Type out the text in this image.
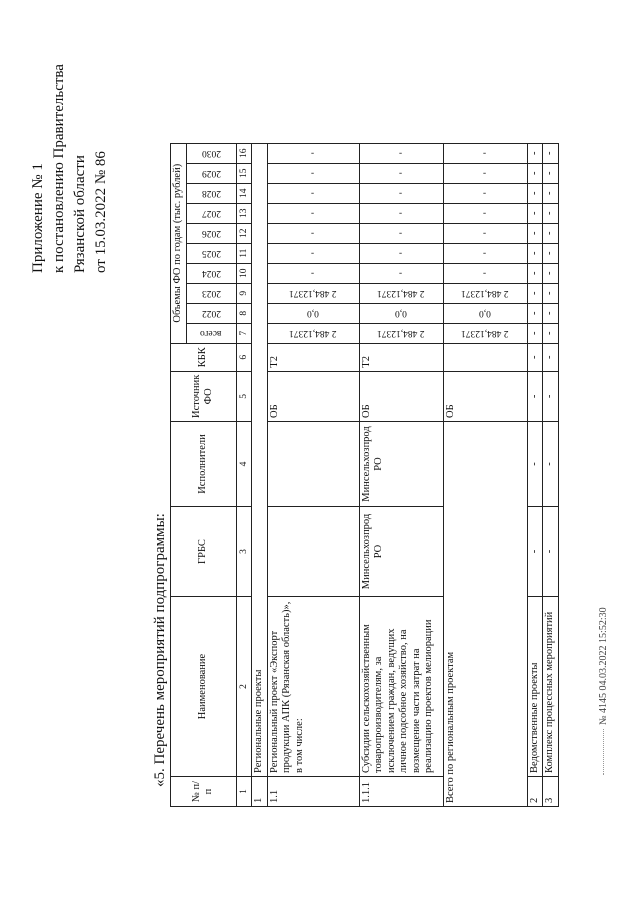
Приложение № 1 к постановлению Правительства Рязанской области от 15.03.2022 № 86
«5. Перечень мероприятий подпрограммы:
№ п/п	Наименование	ГРБС	Исполнители	Источник ФО	КБК	Объемы ФО по годам (тыс. рублей)									

						всего	2022	2023	2024	2025	2026	2027	2028	2029	2030

1	2	3	4	5	6	7	8	9	10	11	12	13	14	15	16
1	Региональные проекты														
1.1	Региональный проект «Экспорт продукции АПК (Рязанская область)», в том числе:			ОБ	Т2	2 484,12371	0,0	2 484,12371	-	-	-	-	-	-	-

1.1.1	Субсидии сельскохозяйственным товаропроизводителям, за исключением граждан, ведущих личное подсобное хозяйство, на возмещение части затрат на реализацию проектов мелиорации	Минсельхозпрод РО	Минсельхозпрод РО	ОБ	Т2	2 484,12371	0,0	2 484,12371	-	-	-	-	-	-	-

Всего по региональным проектам				ОБ		2 484,12371	0,0	2 484,12371	-	-	-	-	-	-	-

2	Ведомственные проекты	-	-	-	-	-	-	-	-	-	-	-	-	-	-
3	Комплекс процессных мероприятий	-	-	-	-	-	-	-	-	-	-	-	-	-	-
№ 4145 04.03.2022 15:52:30
